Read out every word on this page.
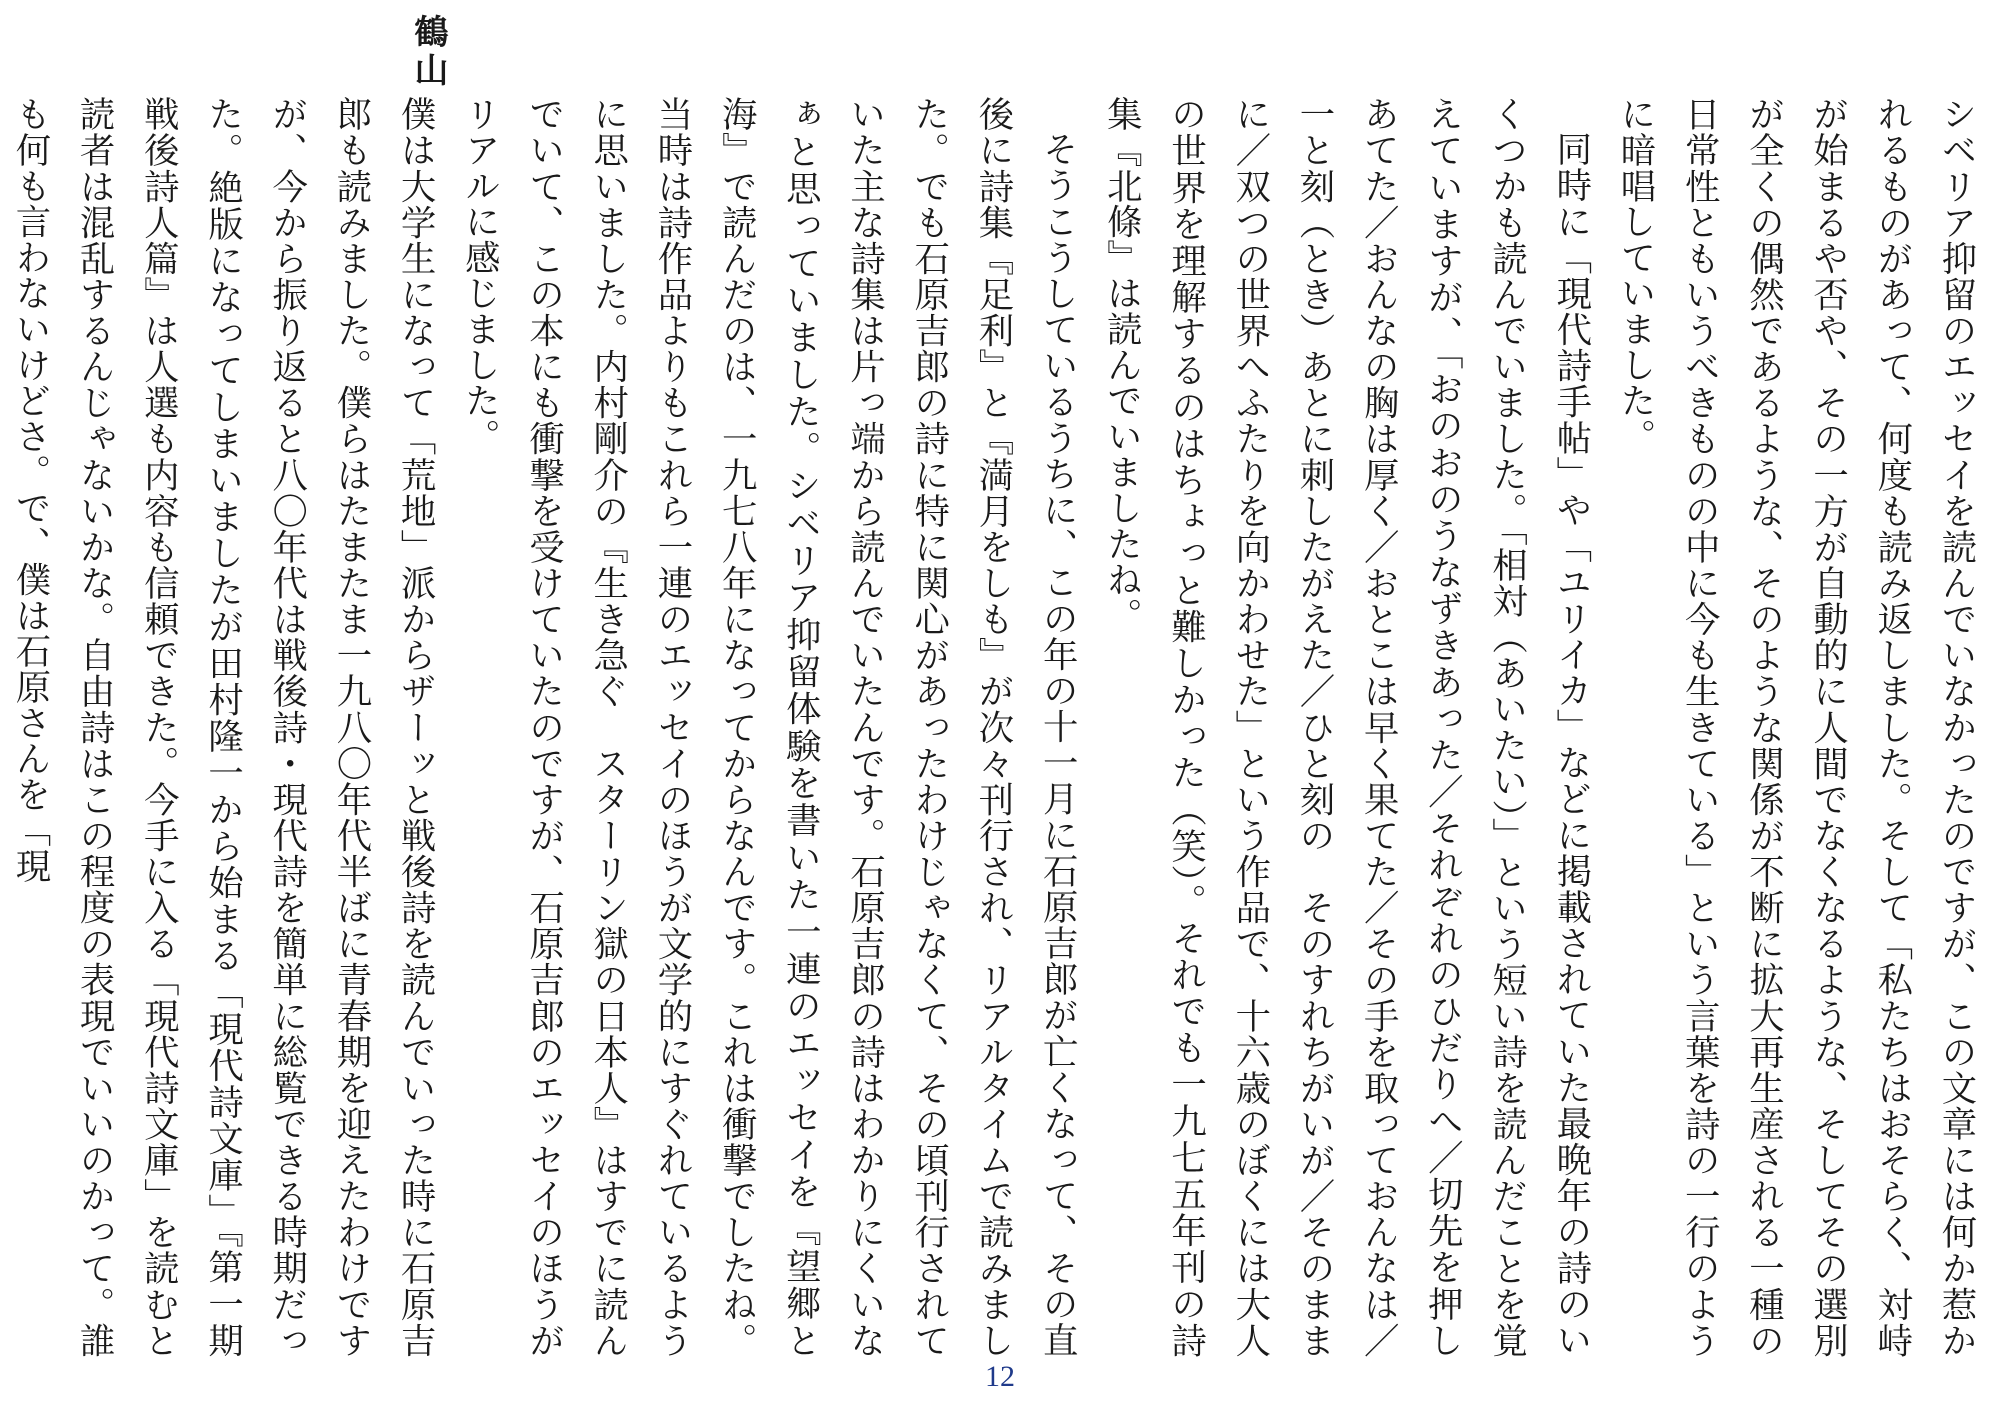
鶴山

シベリア抑留のエッセイを読んでいなかったのですが、この文章には何か惹かれるものがあって、何度も読み返しました。そして「私たちはおそらく、対峙が始まるや否や、その一方が自動的に人間でなくなるような、そしてその選別が全くの偶然であるような、そのような関係が不断に拡大再生産される一種の日常性ともいうべきものの中に今も生きている」という言葉を詩の一行のように暗唱していました。

同時に「現代詩手帖」や「ユリイカ」などに掲載されていた最晩年の詩のいくつかも読んでいました。「相対（あいたい）」という短い詩を読んだことを覚えていますが、「おのおのうなずきあった／それぞれのひだりへ／切先を押しあてた／おんなの胸は厚く／おとこは早く果てた／その手を取っておんなは／一と刻（とき）あとに刺したがえた／ひと刻の　そのすれちがいが／そのままに／双つの世界へふたりを向かわせた」という作品で、十六歳のぼくには大人の世界を理解するのはちょっと難しかった（笑）。それでも一九七五年刊の詩集『北條』は読んでいましたね。

そうこうしているうちに、この年の十一月に石原吉郎が亡くなって、その直後に詩集『足利』と『満月をしも』が次々刊行され、リアルタイムで読みました。でも石原吉郎の詩に特に関心があったわけじゃなくて、その頃刊行されていた主な詩集は片っ端から読んでいたんです。石原吉郎の詩はわかりにくいなぁと思っていました。シベリア抑留体験を書いた一連のエッセイを『望郷と海』で読んだのは、一九七八年になってからなんです。これは衝撃でしたね。当時は詩作品よりもこれら一連のエッセイのほうが文学的にすぐれているように思いました。内村剛介の『生き急ぐ　スターリン獄の日本人』はすでに読んでいて、この本にも衝撃を受けていたのですが、石原吉郎のエッセイのほうがリアルに感じました。

僕は大学生になって「荒地」派からザーッと戦後詩を読んでいった時に石原吉郎も読みました。僕らはたまたま一九八〇年代半ばに青春期を迎えたわけですが、今から振り返ると八〇年代は戦後詩・現代詩を簡単に総覧できる時期だった。絶版になってしまいましたが田村隆一から始まる「現代詩文庫」『第一期戦後詩人篇』は人選も内容も信頼できた。今手に入る「現代詩文庫」を読むと読者は混乱するんじゃないかな。自由詩はこの程度の表現でいいのかって。誰も何も言わないけどさ。で、僕は石原さんを「現

12
